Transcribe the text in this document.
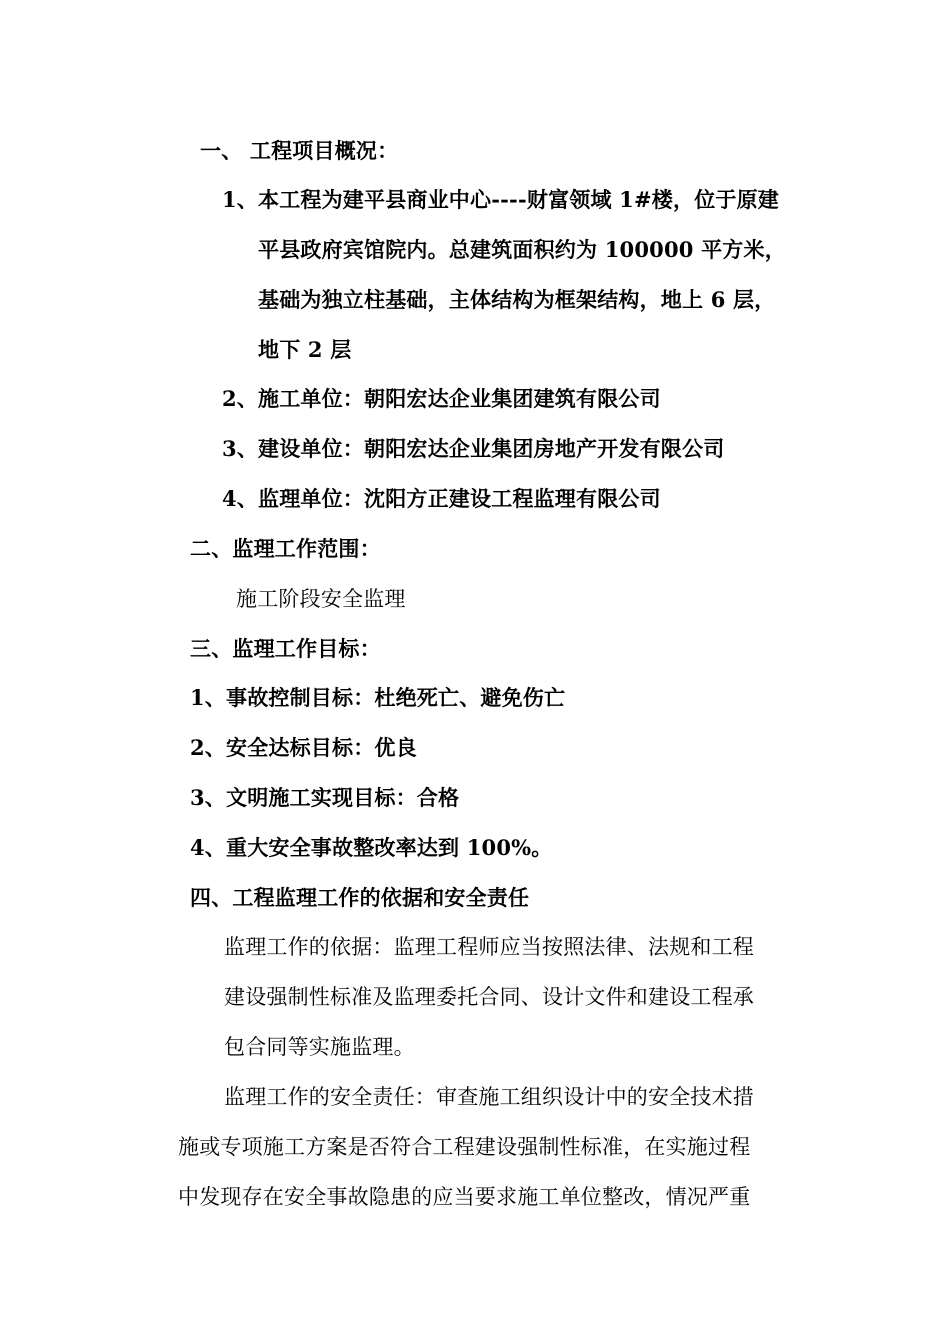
一、 工程项目概况：
1、本工程为建平县商业中心----财富领域 1#楼，位于原建
平县政府宾馆院内。总建筑面积约为 100000 平方米，
基础为独立柱基础，主体结构为框架结构，地上 6 层，
地下 2 层
2、施工单位：朝阳宏达企业集团建筑有限公司
3、建设单位：朝阳宏达企业集团房地产开发有限公司
4、监理单位：沈阳方正建设工程监理有限公司
二、监理工作范围：
施工阶段安全监理
三、监理工作目标：
1、事故控制目标：杜绝死亡、避免伤亡
2、安全达标目标：优良
3、文明施工实现目标：合格
4、重大安全事故整改率达到 100%。
四、工程监理工作的依据和安全责任
监理工作的依据：监理工程师应当按照法律、法规和工程
建设强制性标准及监理委托合同、设计文件和建设工程承
包合同等实施监理。
监理工作的安全责任：审查施工组织设计中的安全技术措
施或专项施工方案是否符合工程建设强制性标准，在实施过程
中发现存在安全事故隐患的应当要求施工单位整改，情况严重
